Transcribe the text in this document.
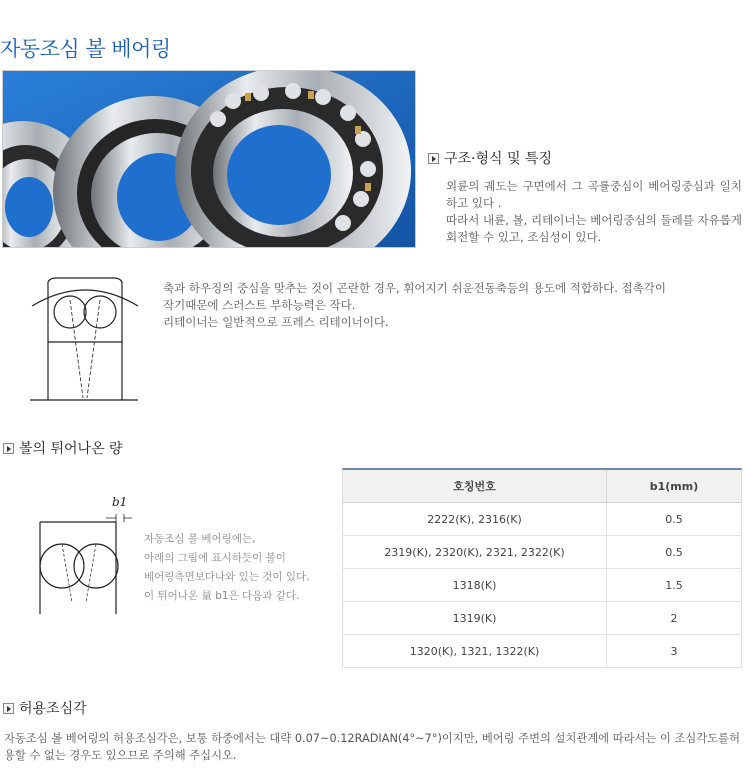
자동조심 볼 베어링
구조·형식 및 특징
외륜의 궤도는 구면에서 그 곡률중심이 베어링중심과 일치하고 있다 .
따라서 내륜, 볼, 리테이너는 베어링중심의 둘레를 자유롭게 회전할 수 있고, 조심성이 있다.
축과 하우징의 중심을 맞추는 것이 곤란한 경우, 휘어지기 쉬운전동축등의 용도에 적합하다. 접촉각이
작기때문에 스러스트 부하능력은 작다.
리테이너는 일반적으로 프레스 리테이너이다.
볼의 튀어나온 량
b1
자동조심 볼 베어링에는,
아래의 그림에 표시하듯이 볼이
베어링측면보다나와 있는 것이 있다.
이 튀어나온 量 b1은 다음과 같다.
호칭번호	b1(mm)
2222(K), 2316(K)	0.5
2319(K), 2320(K), 2321, 2322(K)	0.5
1318(K)	1.5
1319(K)	2
1320(K), 1321, 1322(K)	3
허용조심각
자동조심 볼 베어링의 허용조심각은, 보통 하중에서는 대략 0.07~0.12RADIAN(4°~7°)이지만, 베어링 주변의 설치관계에 따라서는 이 조심각도를허용할 수 없는 경우도 있으므로 주의해 주십시오.
